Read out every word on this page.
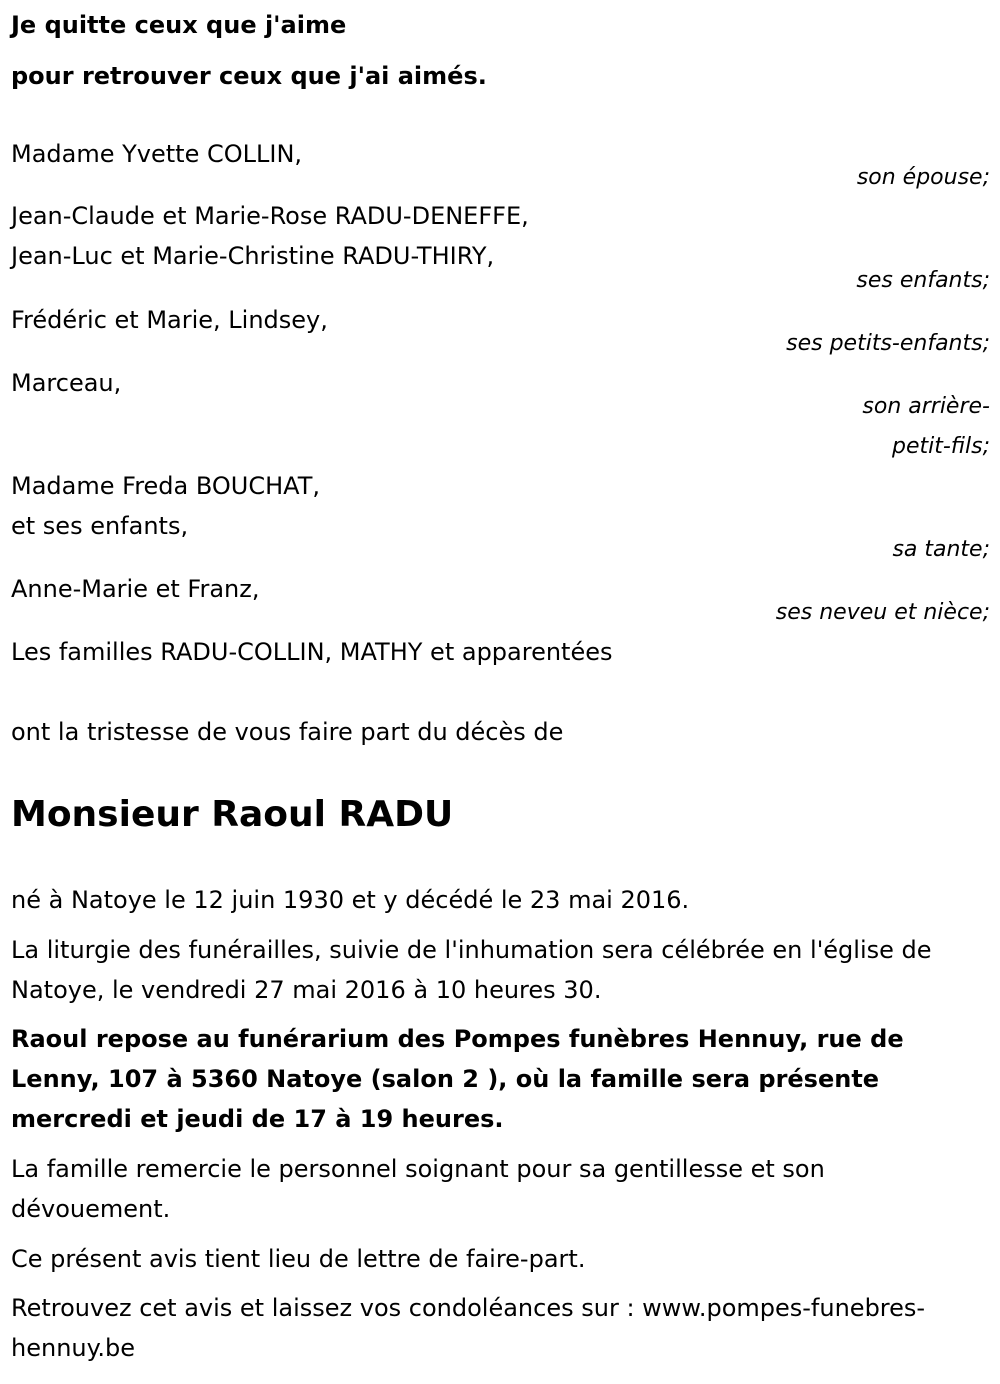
Je quitte ceux que j'aime

pour retrouver ceux que j'ai aimés.

Madame Yvette COLLIN,

son épouse;

Jean-Claude et Marie-Rose RADU-DENEFFE,

Jean-Luc et Marie-Christine RADU-THIRY,

ses enfants;

Frédéric et Marie, Lindsey,

ses petits-enfants;

Marceau,

son arrière-

petit-fils;

Madame Freda BOUCHAT,

et ses enfants,

sa tante;

Anne-Marie et Franz,

ses neveu et nièce;

Les familles RADU-COLLIN, MATHY et apparentées

ont la tristesse de vous faire part du décès de

Monsieur Raoul RADU

né à Natoye le 12 juin 1930 et y décédé le 23 mai 2016.

La liturgie des funérailles, suivie de l'inhumation sera célébrée en l'église de Natoye, le vendredi 27 mai 2016 à 10 heures 30.

Raoul repose au funérarium des Pompes funèbres Hennuy, rue de Lenny, 107 à 5360 Natoye (salon 2 ), où la famille sera présente mercredi et jeudi de 17 à 19 heures.

La famille remercie le personnel soignant pour sa gentillesse et son dévouement.

Ce présent avis tient lieu de lettre de faire-part.

Retrouvez cet avis et laissez vos condoléances sur : www.pompes-funebres-hennuy.be
